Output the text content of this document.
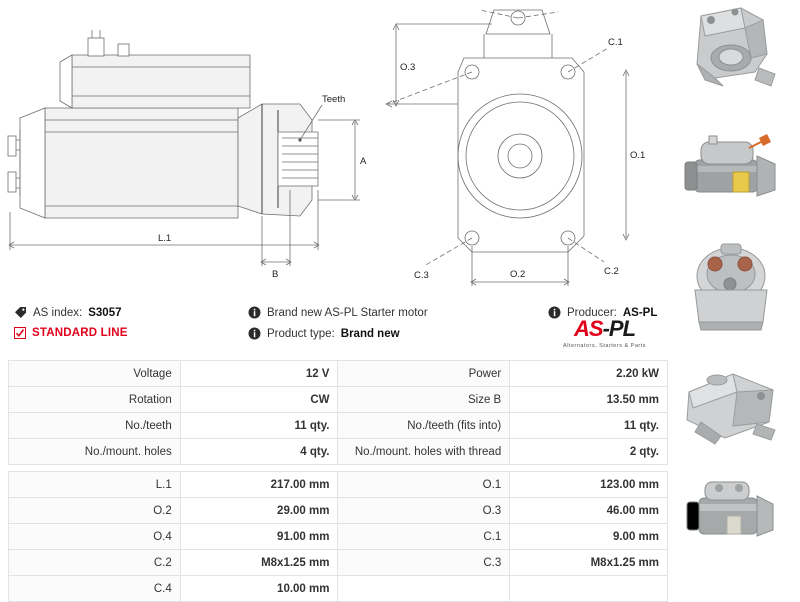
Teeth
A
L.1
B
O.3
O.1
O.2
C.1
C.2
C.3
AS index: S3057
STANDARD LINE
Brand new AS-PL Starter motor
Product type: Brand new
Producer: AS-PL
AS-PL
Alternators, Starters & Parts
Voltage	12 V	Power	2.20 kW
Rotation	CW	Size B	13.50 mm
No./teeth	11 qty.	No./teeth (fits into)	11 qty.
No./mount. holes	4 qty.	No./mount. holes with thread	2 qty.

L.1	217.00 mm	O.1	123.00 mm
O.2	29.00 mm	O.3	46.00 mm
O.4	91.00 mm	C.1	9.00 mm
C.2	M8x1.25 mm	C.3	M8x1.25 mm
C.4	10.00 mm		
